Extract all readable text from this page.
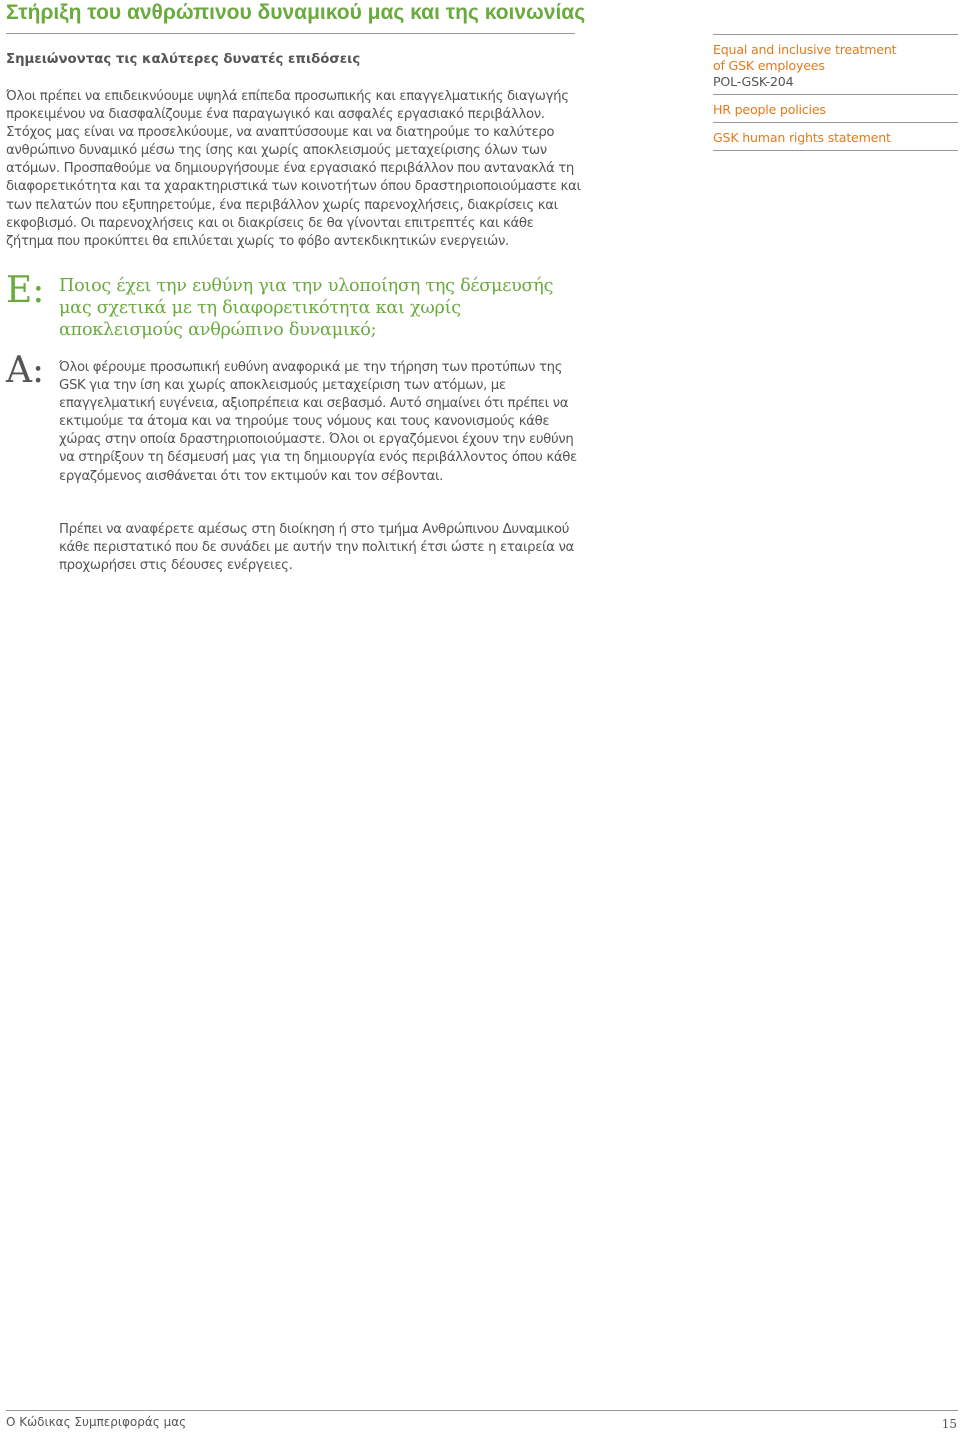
Στήριξη του ανθρώπινου δυναμικού μας και της κοινωνίας
Σημειώνοντας τις καλύτερες δυνατές επιδόσεις

Όλοι πρέπει να επιδεικνύουμε υψηλά επίπεδα προσωπικής και επαγγελματικής διαγωγής προκειμένου να διασφαλίζουμε ένα παραγωγικό και ασφαλές εργασιακό περιβάλλον. Στόχος μας είναι να προσελκύουμε, να αναπτύσσουμε και να διατηρούμε το καλύτερο ανθρώπινο δυναμικό μέσω της ίσης και χωρίς αποκλεισμούς μεταχείρισης όλων των ατόμων. Προσπαθούμε να δημιουργήσουμε ένα εργασιακό περιβάλλον που αντανακλά τη διαφορετικότητα και τα χαρακτηριστικά των κοινοτήτων όπου δραστηριοποιούμαστε και των πελατών που εξυπηρετούμε, ένα περιβάλλον χωρίς παρενοχλήσεις, διακρίσεις και εκφοβισμό. Οι παρενοχλήσεις και οι διακρίσεις δε θα γίνονται επιτρεπτές και κάθε ζήτημα που προκύπτει θα επιλύεται χωρίς το φόβο αντεκδικητικών ενεργειών.

Ε: Ποιος έχει την ευθύνη για την υλοποίηση της δέσμευσής μας σχετικά με τη διαφορετικότητα και χωρίς αποκλεισμούς ανθρώπινο δυναμικό;

Α: Όλοι φέρουμε προσωπική ευθύνη αναφορικά με την τήρηση των προτύπων της GSK για την ίση και χωρίς αποκλεισμούς μεταχείριση των ατόμων, με επαγγελματική ευγένεια, αξιοπρέπεια και σεβασμό. Αυτό σημαίνει ότι πρέπει να εκτιμούμε τα άτομα και να τηρούμε τους νόμους και τους κανονισμούς κάθε χώρας στην οποία δραστηριοποιούμαστε. Όλοι οι εργαζόμενοι έχουν την ευθύνη να στηρίξουν τη δέσμευσή μας για τη δημιουργία ενός περιβάλλοντος όπου κάθε εργαζόμενος αισθάνεται ότι τον εκτιμούν και τον σέβονται.

Πρέπει να αναφέρετε αμέσως στη διοίκηση ή στο τμήμα Ανθρώπινου Δυναμικού κάθε περιστατικό που δε συνάδει με αυτήν την πολιτική έτσι ώστε η εταιρεία να προχωρήσει στις δέουσες ενέργειες.

Equal and inclusive treatment
of GSK employees
POL-GSK-204
HR people policies
GSK human rights statement
Ο Κώδικας Συμπεριφοράς μας	15
